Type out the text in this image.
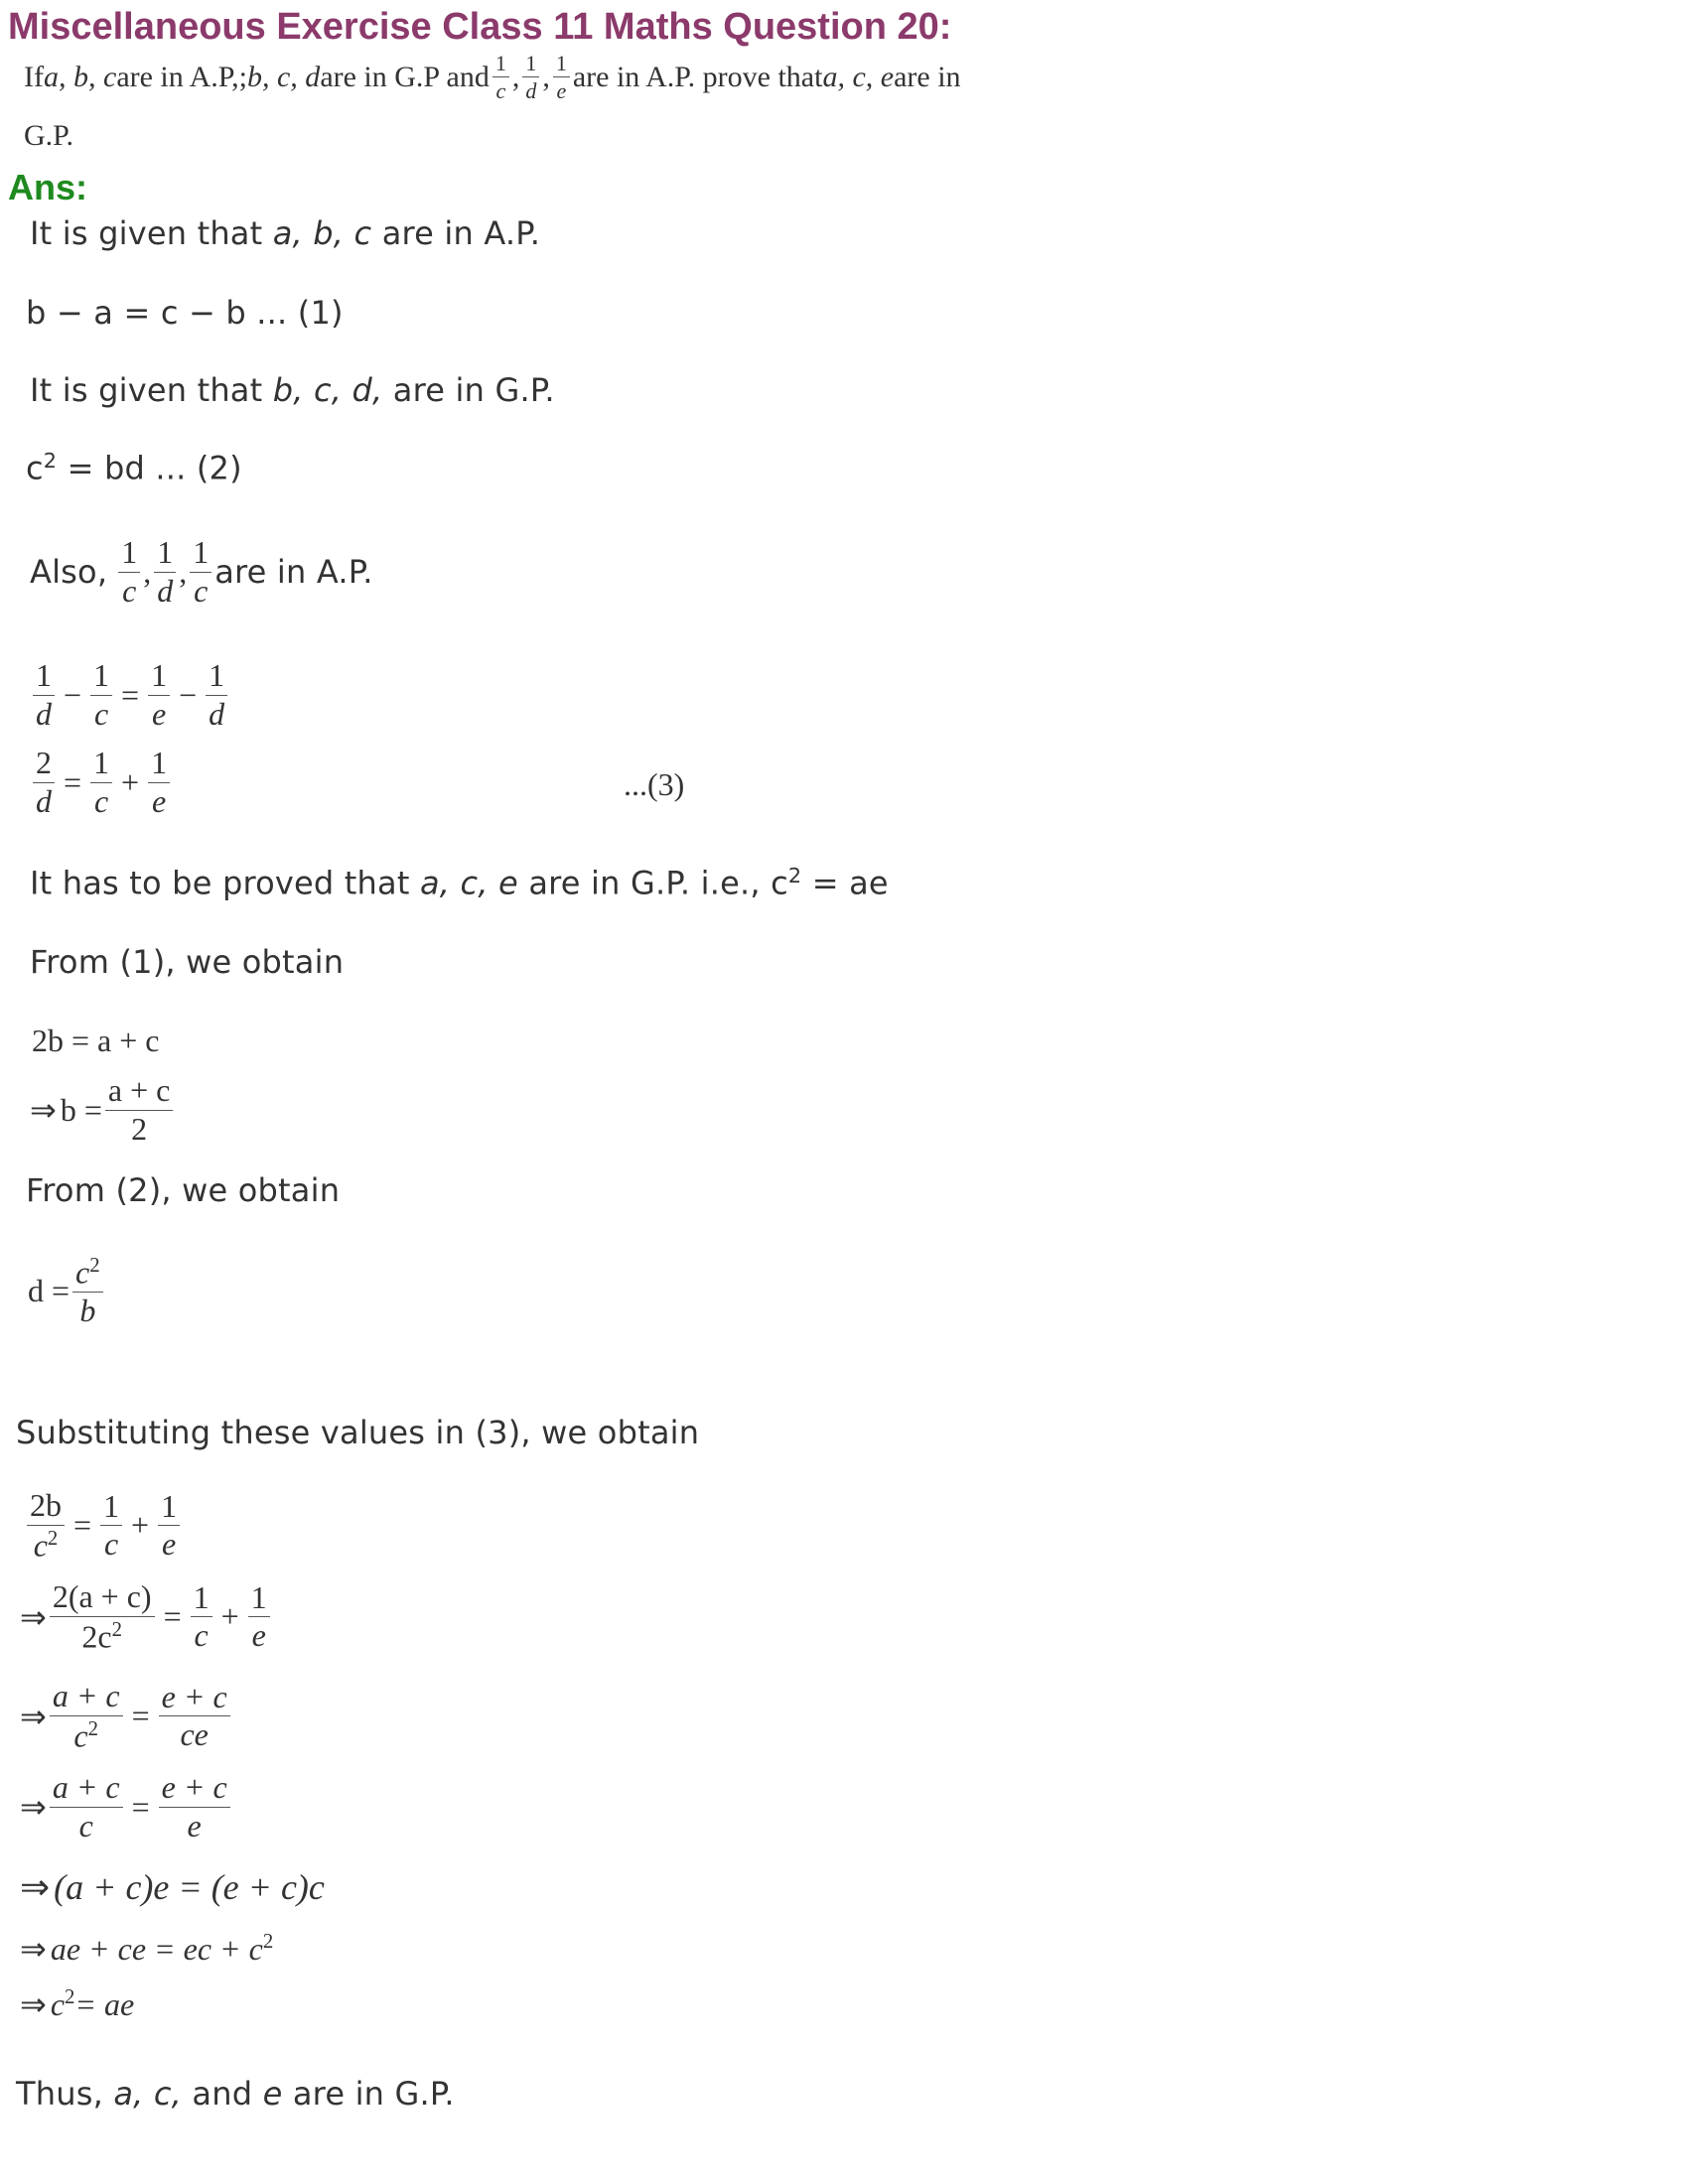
Miscellaneous Exercise Class 11 Maths Question 20:
If a, b, c are in A.P,; b, c, d are in G.P and $\frac{1}{c}$ , $\frac{1}{d}$ , $\frac{1}{e}$ are in A.P. prove that a, c, e are in
G.P.
Ans:
It is given that a, b, c are in A.P.
b − a = c − b ... (1)
It is given that b, c, d, are in G.P.
$c^2$ = bd ... (2)
Also, $\frac{1}{c}$ , $\frac{1}{d}$ , $\frac{1}{c}$ are in A.P.
$\frac{1}{d} - \frac{1}{c} = \frac{1}{e} - \frac{1}{d}$
$\frac{2}{d} = \frac{1}{c} + \frac{1}{e}$	...(3)
It has to be proved that a, c, e are in G.P. i.e., $c^2$ = ae
From (1), we obtain
2b = a + c
⇒ $b = \frac{a + c}{2}$
From (2), we obtain
$d = \frac{c^2}{b}$
Substituting these values in (3), we obtain
$\frac{2b}{c^2} = \frac{1}{c} + \frac{1}{e}$
⇒ $\frac{2(a + c)}{2c^2} = \frac{1}{c} + \frac{1}{e}$
⇒ $\frac{a + c}{c^2} = \frac{e + c}{ce}$
⇒ $\frac{a + c}{c} = \frac{e + c}{e}$
⇒ (a + c)e = (e + c)c
⇒ ae + ce = ec + $c^2$
⇒ $c^2$ = ae
Thus, a, c, and e are in G.P.
